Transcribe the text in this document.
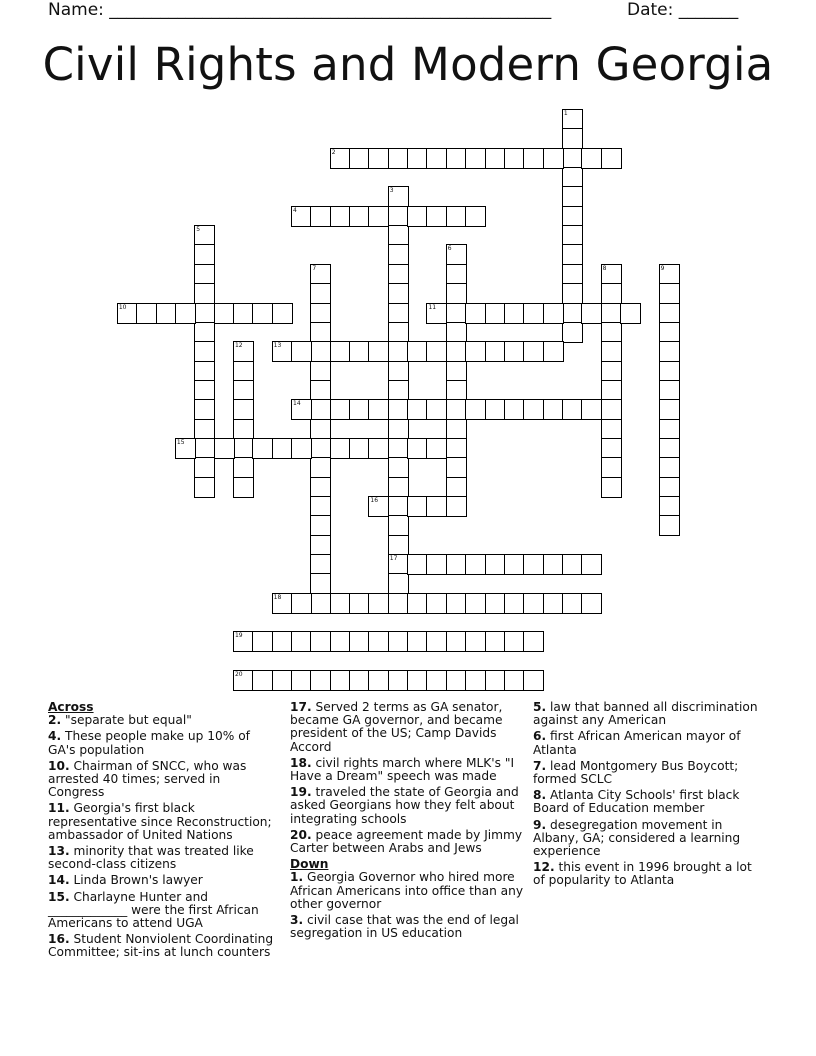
Name: ____________________________________________________	Date: _______
Civil Rights and Modern Georgia
1
2
3
4
5
6
7	8	9
10	11
12	13
14
15
16
17
18
19
20
Across
2. "separate but equal"
4. These people make up 10% of GA's population
10. Chairman of SNCC, who was arrested 40 times; served in Congress
11. Georgia's first black representative since Reconstruction; ambassador of United Nations
13. minority that was treated like second-class citizens
14. Linda Brown's lawyer
15. Charlayne Hunter and _____________ were the first African Americans to attend UGA
16. Student Nonviolent Coordinating Committee; sit-ins at lunch counters
17. Served 2 terms as GA senator, became GA governor, and became president of the US; Camp Davids Accord
18. civil rights march where MLK's "I Have a Dream" speech was made
19. traveled the state of Georgia and asked Georgians how they felt about integrating schools
20. peace agreement made by Jimmy Carter between Arabs and Jews
Down
1. Georgia Governor who hired more African Americans into office than any other governor
3. civil case that was the end of legal segregation in US education
5. law that banned all discrimination against any American
6. first African American mayor of Atlanta
7. lead Montgomery Bus Boycott; formed SCLC
8. Atlanta City Schools' first black Board of Education member
9. desegregation movement in Albany, GA; considered a learning experience
12. this event in 1996 brought a lot of popularity to Atlanta
